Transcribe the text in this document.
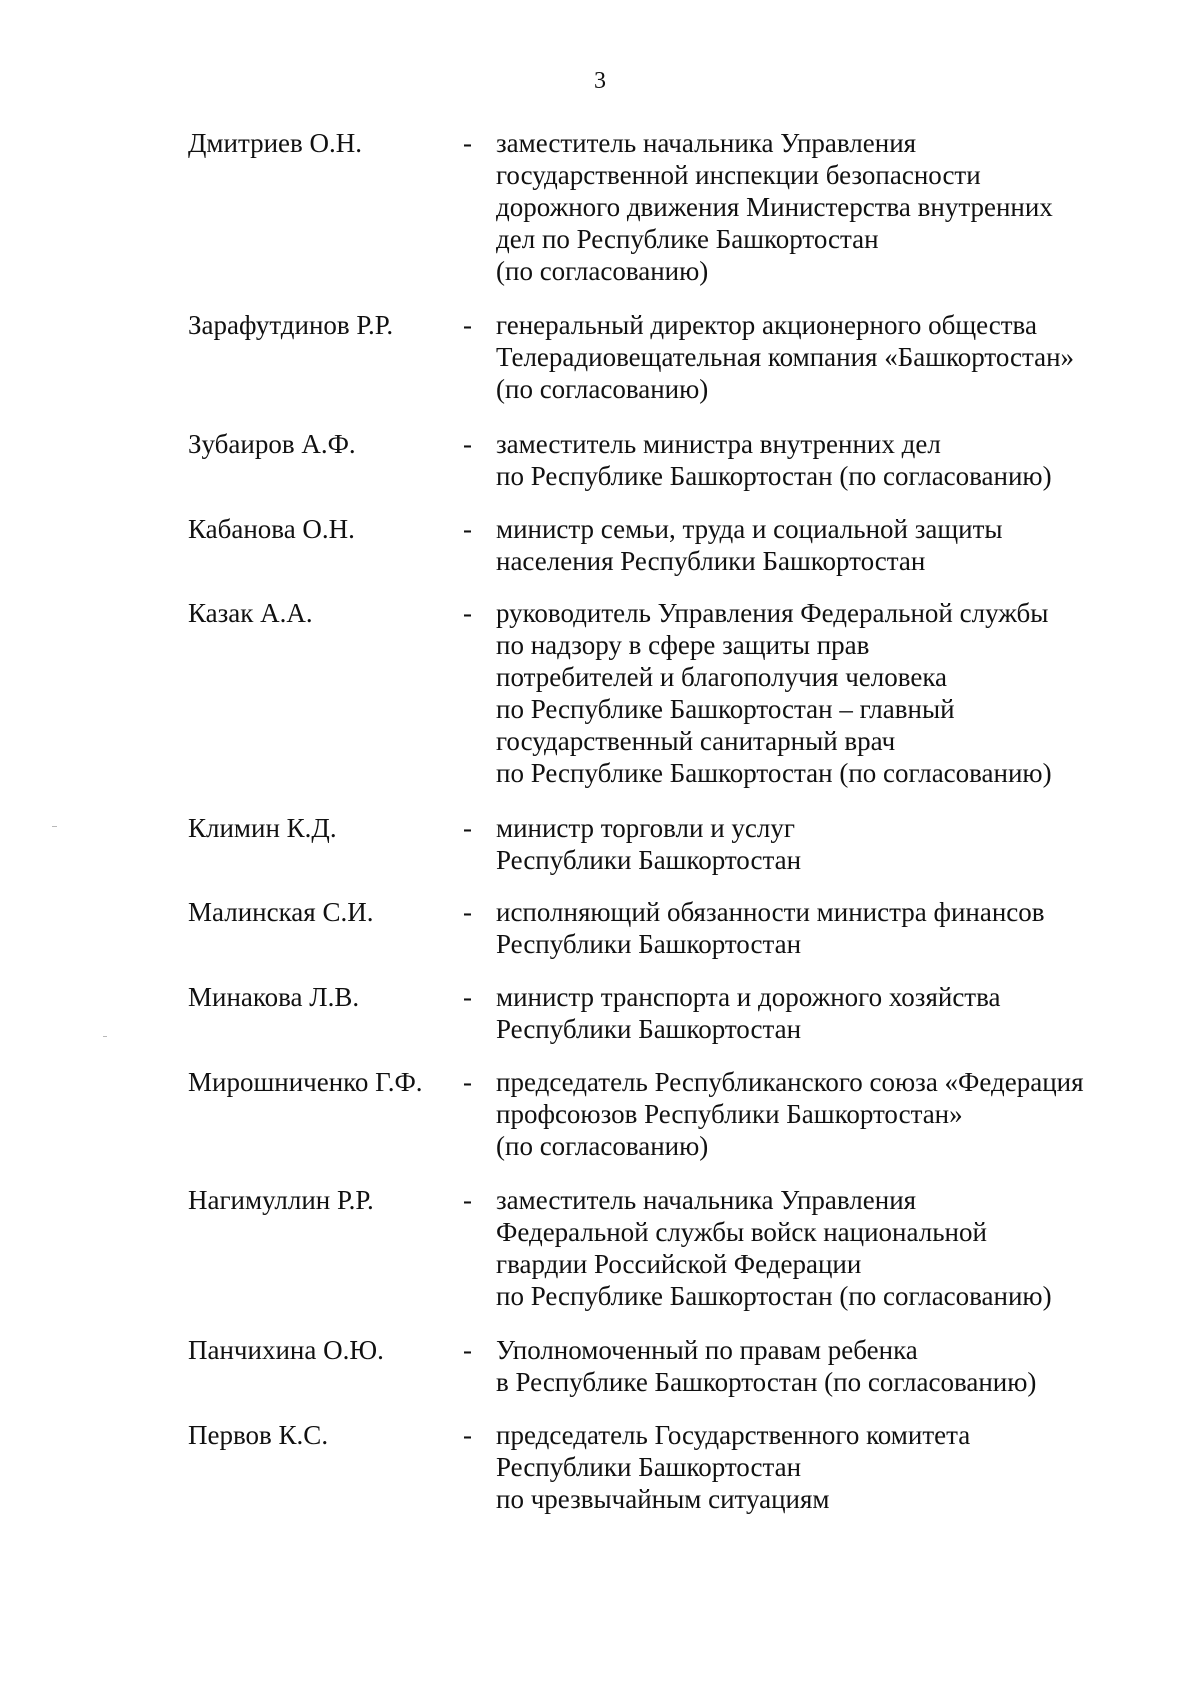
3
Дмитриев О.Н.	- заместитель начальника Управления
государственной инспекции безопасности
дорожного движения Министерства внутренних
дел по Республике Башкортостан
(по согласованию)
Зарафутдинов Р.Р.	- генеральный директор акционерного общества
Телерадиовещательная компания «Башкортостан»
(по согласованию)
Зубаиров А.Ф.	- заместитель министра внутренних дел
по Республике Башкортостан (по согласованию)
Кабанова О.Н.	- министр семьи, труда и социальной защиты
населения Республики Башкортостан
Казак А.А.	- руководитель Управления Федеральной службы
по надзору в сфере защиты прав
потребителей и благополучия человека
по Республике Башкортостан – главный
государственный санитарный врач
по Республике Башкортостан (по согласованию)
Климин К.Д.	- министр торговли и услуг
Республики Башкортостан
Малинская С.И.	- исполняющий обязанности министра финансов
Республики Башкортостан
Минакова Л.В.	- министр транспорта и дорожного хозяйства
Республики Башкортостан
Мирошниченко Г.Ф. - председатель Республиканского союза «Федерация
профсоюзов Республики Башкортостан»
(по согласованию)
Нагимуллин Р.Р.	- заместитель начальника Управления
Федеральной службы войск национальной
гвардии Российской Федерации
по Республике Башкортостан (по согласованию)
Панчихина О.Ю.	- Уполномоченный по правам ребенка
в Республике Башкортостан (по согласованию)
Первов К.С.	- председатель Государственного комитета
Республики Башкортостан
по чрезвычайным ситуациям
